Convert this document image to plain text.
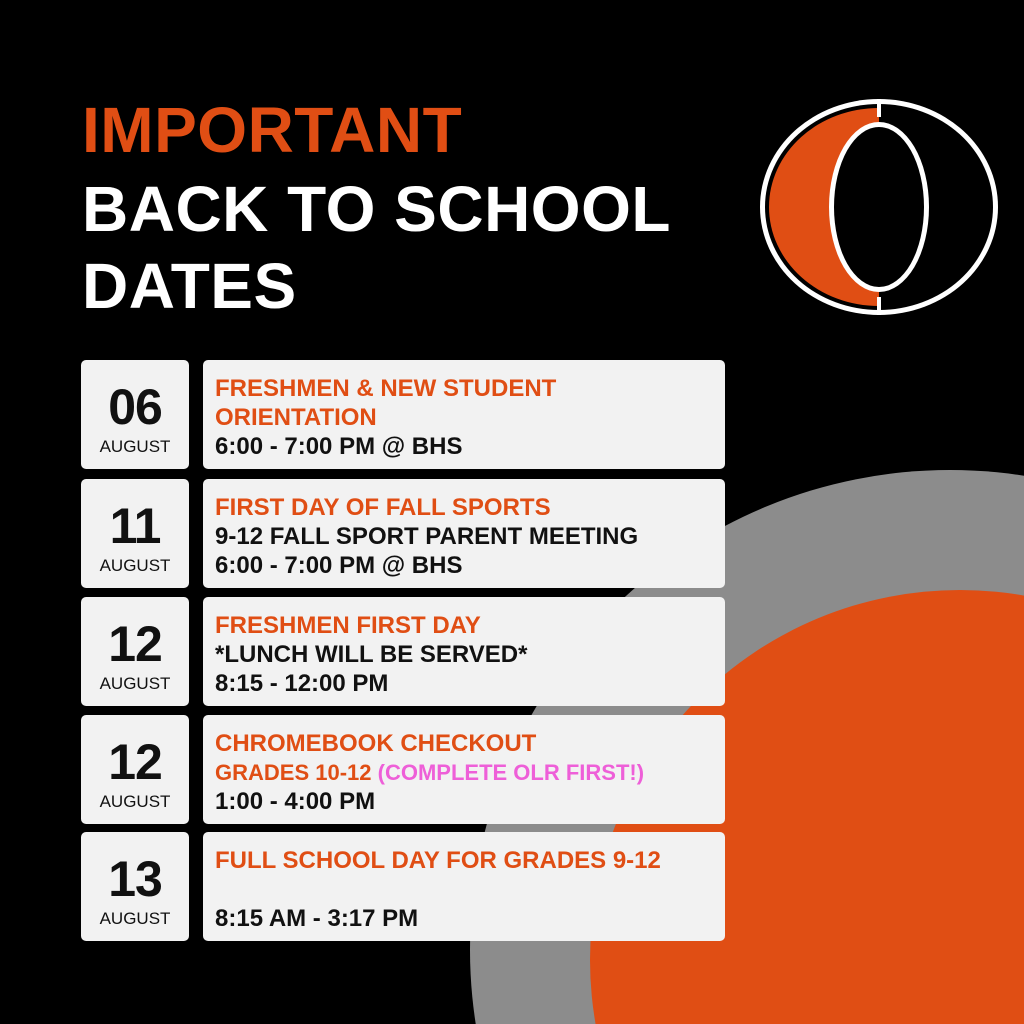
IMPORTANT
BACK TO SCHOOL
DATES
06
AUGUST
FRESHMEN & NEW STUDENT
ORIENTATION
6:00 - 7:00 PM @ BHS
11
AUGUST
FIRST DAY OF FALL SPORTS
9-12 FALL SPORT PARENT MEETING
6:00 - 7:00 PM @ BHS
12
AUGUST
FRESHMEN FIRST DAY
*LUNCH WILL BE SERVED*
8:15 - 12:00 PM
12
AUGUST
CHROMEBOOK CHECKOUT
GRADES 10-12 (COMPLETE OLR FIRST!)
1:00 - 4:00 PM
13
AUGUST
FULL SCHOOL DAY FOR GRADES 9-12
8:15 AM - 3:17 PM
